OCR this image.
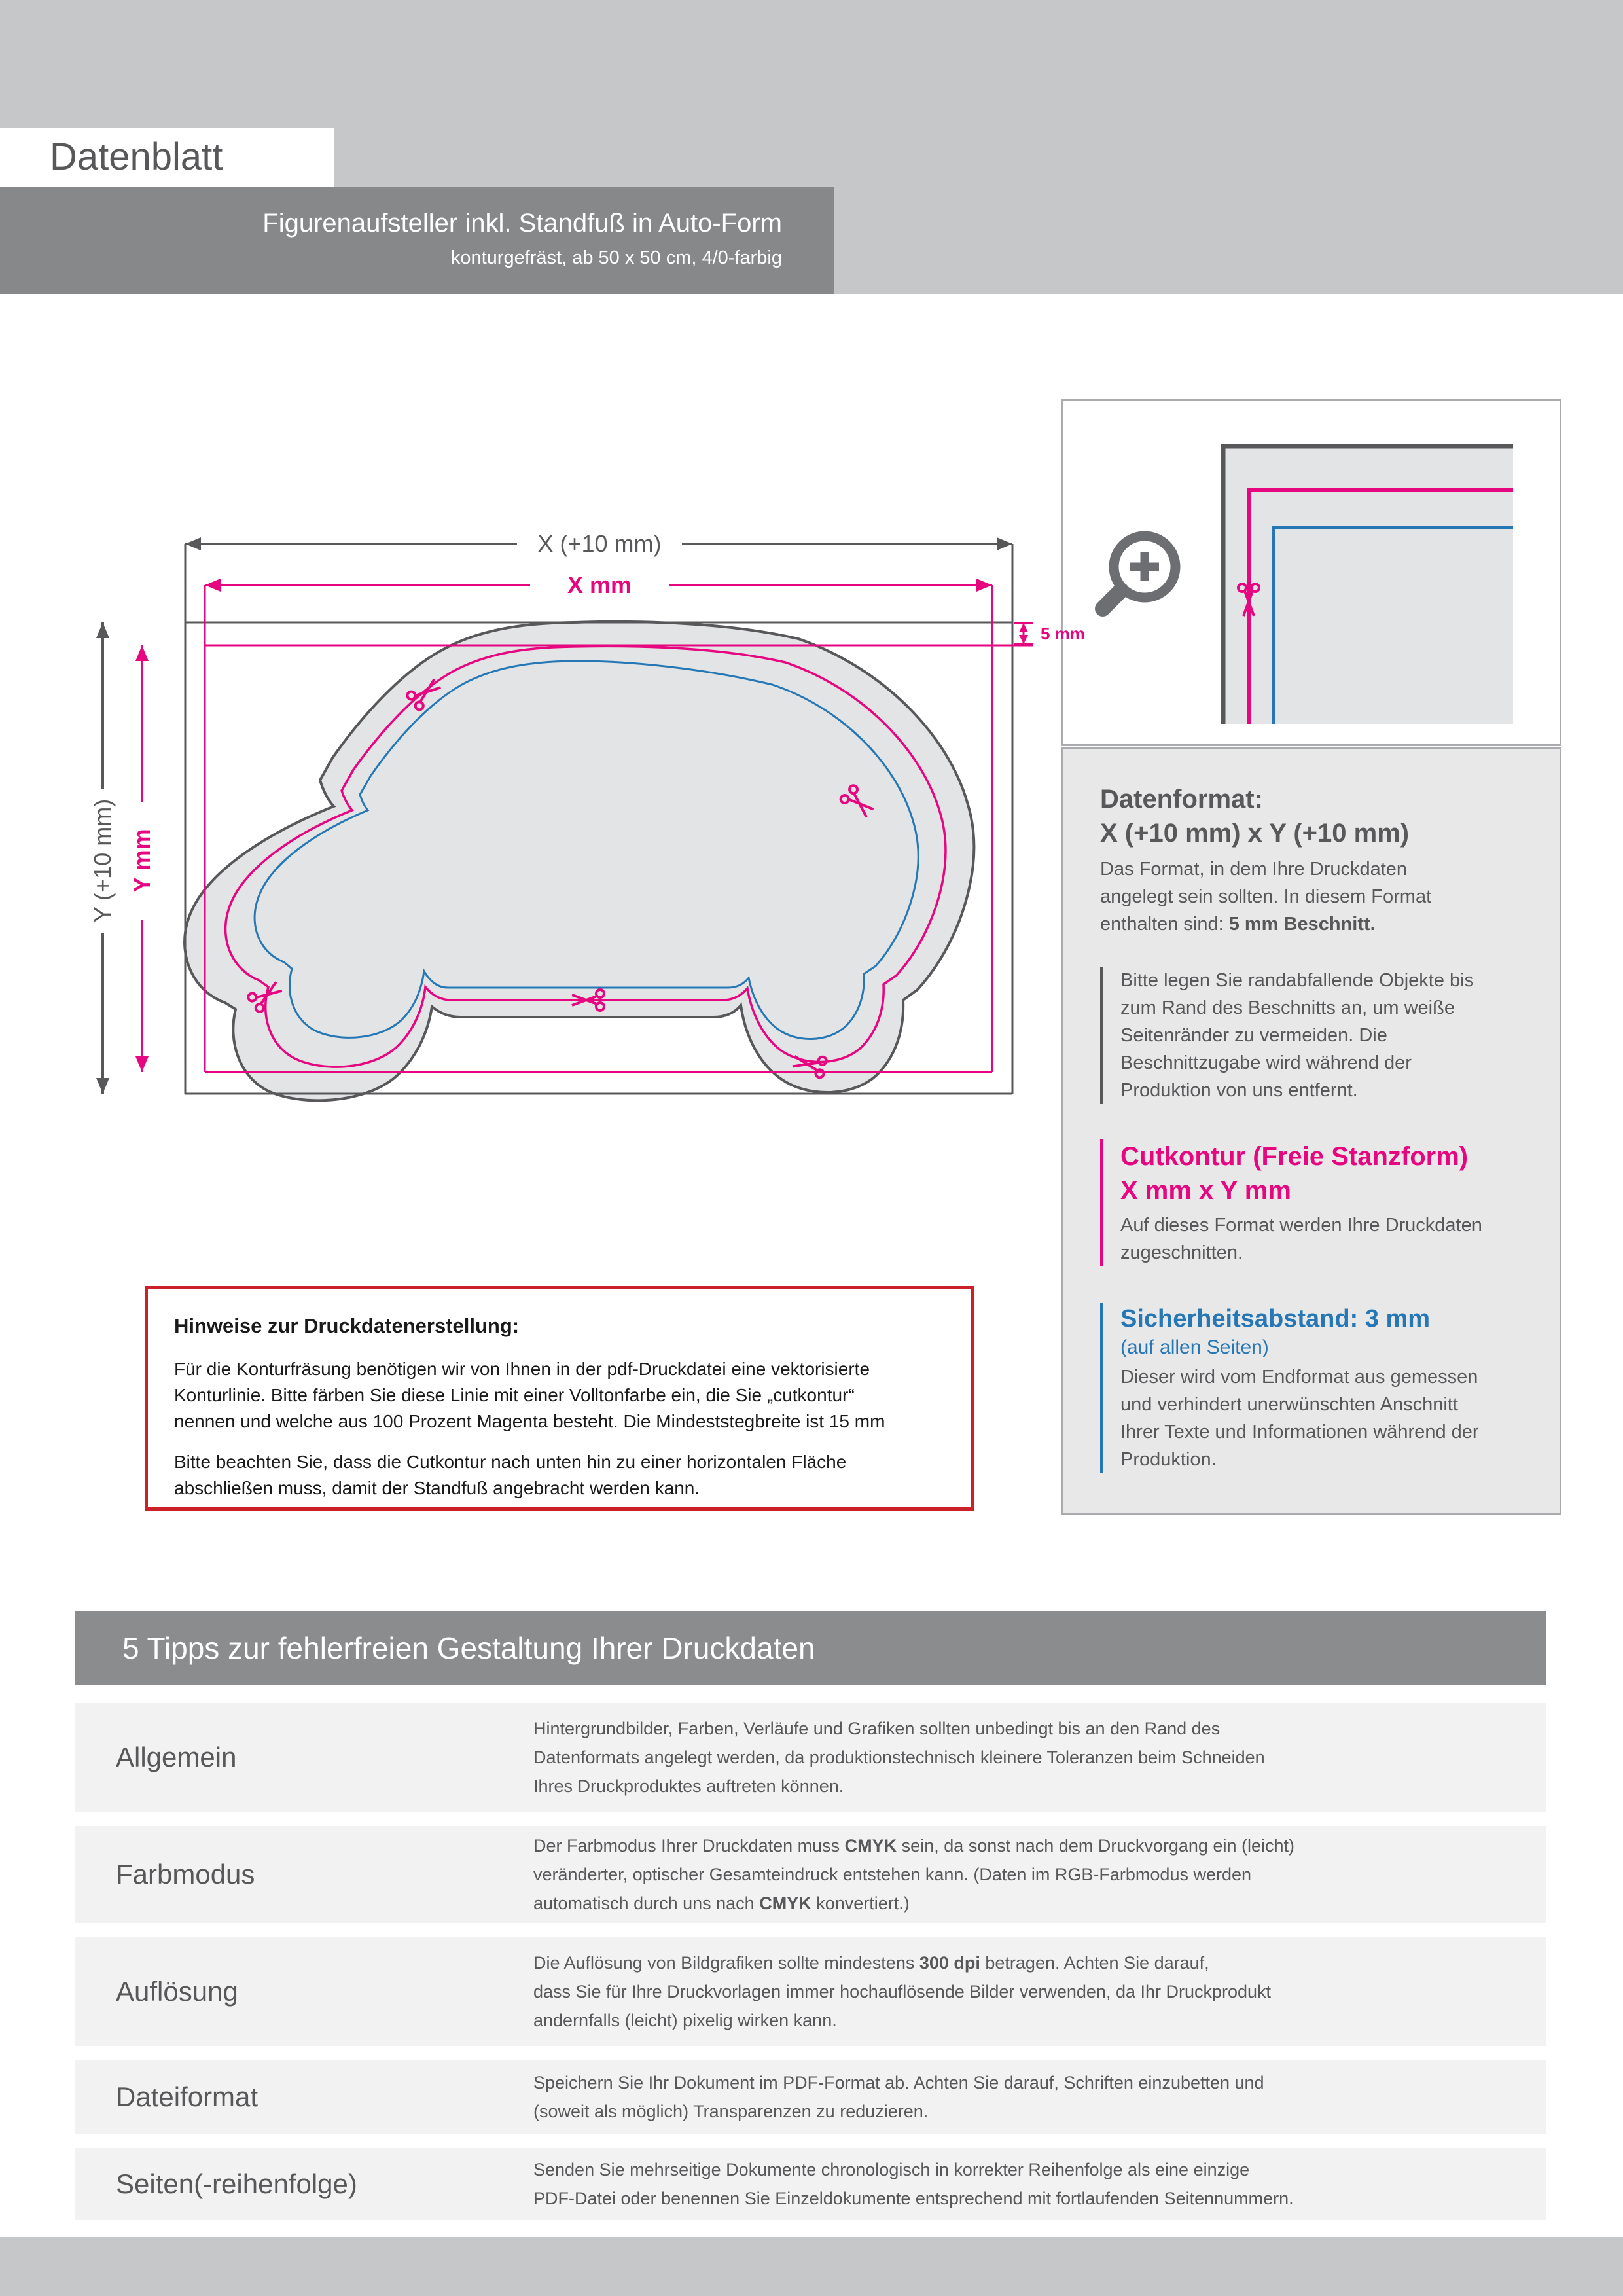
Datenblatt
Figurenaufsteller inkl. Standfuß in Auto-Form
konturgefräst, ab 50 x 50 cm, 4/0-farbig
Datenformat:
X (+10 mm) x Y (+10 mm)
Das Format, in dem Ihre Druckdaten
angelegt sein sollten. In diesem Format
enthalten sind: 5 mm Beschnitt.
Bitte legen Sie randabfallende Objekte bis
zum Rand des Beschnitts an, um weiße
Seitenränder zu vermeiden. Die
Beschnittzugabe wird während der
Produktion von uns entfernt.
Cutkontur (Freie Stanzform)
X mm x Y mm
Auf dieses Format werden Ihre Druckdaten
zugeschnitten.
Sicherheitsabstand: 3 mm
(auf allen Seiten)
Dieser wird vom Endformat aus gemessen
und verhindert unerwünschten Anschnitt
Ihrer Texte und Informationen während der
Produktion.
Hinweise zur Druckdatenerstellung:
Für die Konturfräsung benötigen wir von Ihnen in der pdf-Druckdatei eine vektorisierte
Konturlinie. Bitte färben Sie diese Linie mit einer Volltonfarbe ein, die Sie „cutkontur“
nennen und welche aus 100 Prozent Magenta besteht. Die Mindeststegbreite ist 15 mm
Bitte beachten Sie, dass die Cutkontur nach unten hin zu einer horizontalen Fläche
abschließen muss, damit der Standfuß angebracht werden kann.
5 Tipps zur fehlerfreien Gestaltung Ihrer Druckdaten
Allgemein
Hintergrundbilder, Farben, Verläufe und Grafiken sollten unbedingt bis an den Rand des
Datenformats angelegt werden, da produktionstechnisch kleinere Toleranzen beim Schneiden
Ihres Druckproduktes auftreten können.
Farbmodus
Der Farbmodus Ihrer Druckdaten muss CMYK sein, da sonst nach dem Druckvorgang ein (leicht)
veränderter, optischer Gesamteindruck entstehen kann. (Daten im RGB-Farbmodus werden
automatisch durch uns nach CMYK konvertiert.)
Auflösung
Die Auflösung von Bildgrafiken sollte mindestens 300 dpi betragen. Achten Sie darauf,
dass Sie für Ihre Druckvorlagen immer hochauflösende Bilder verwenden, da Ihr Druckprodukt
andernfalls (leicht) pixelig wirken kann.
Dateiformat	Speichern Sie Ihr Dokument im PDF-Format ab. Achten Sie darauf, Schriften einzubetten und
(soweit als möglich) Transparenzen zu reduzieren.
Seiten(-reihenfolge)	Senden Sie mehrseitige Dokumente chronologisch in korrekter Reihenfolge als eine einzige
PDF-Datei oder benennen Sie Einzeldokumente entsprechend mit fortlaufenden Seitennummern.
X (+10 mm)
X mm
Y (+10 mm) Y mm
5 mm
